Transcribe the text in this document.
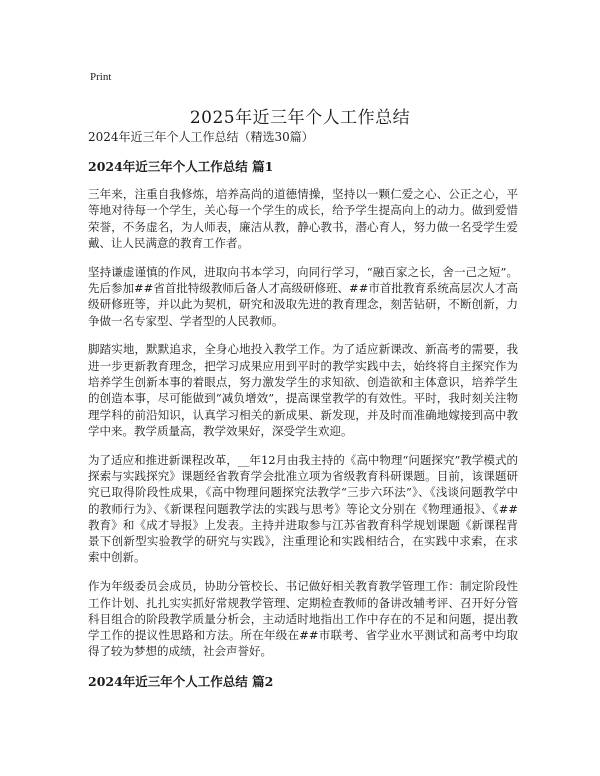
Print
2025年近三年个人工作总结
2024年近三年个人工作总结（精选30篇）
2024年近三年个人工作总结 篇1

三年来，注重自我修炼，培养高尚的道德情操，坚持以一颗仁爱之心、公正之心，平等地对待每一个学生，关心每一个学生的成长，给予学生提高向上的动力。做到爱惜荣誉，不务虚名，为人师表，廉洁从教，静心教书，潜心育人，努力做一名受学生爱戴、让人民满意的教育工作者。

坚持谦虚谨慎的作风，进取向书本学习，向同行学习，“融百家之长，舍一己之短”。先后参加##省首批特级教师后备人才高级研修班、##市首批教育系统高层次人才高级研修班等，并以此为契机，研究和汲取先进的教育理念，刻苦钻研，不断创新，力争做一名专家型、学者型的人民教师。

脚踏实地，默默追求，全身心地投入教学工作。为了适应新课改、新高考的需要，我进一步更新教育理念，把学习成果应用到平时的教学实践中去，始终将自主探究作为培养学生创新本事的着眼点，努力激发学生的求知欲、创造欲和主体意识，培养学生的创造本事，尽可能做到“减负增效”，提高课堂教学的有效性。平时，我时刻关注物理学科的前沿知识，认真学习相关的新成果、新发现，并及时而准确地嫁接到高中教学中来。教学质量高，教学效果好，深受学生欢迎。

为了适应和推进新课程改革，__年12月由我主持的《高中物理“问题探究”教学模式的探索与实践探究》课题经省教育学会批准立项为省级教育科研课题。目前，该课题研究已取得阶段性成果，《高中物理问题探究法教学“三步六环法”》、《浅谈问题教学中的教师行为》、《新课程问题教学法的实践与思考》等论文分别在《物理通报》、《##教育》和《成才导报》上发表。主持并进取参与江苏省教育科学规划课题《新课程背景下创新型实验教学的研究与实践》，注重理论和实践相结合，在实践中求索，在求索中创新。

作为年级委员会成员，协助分管校长、书记做好相关教育教学管理工作：制定阶段性工作计划、扎扎实实抓好常规教学管理、定期检查教师的备讲改辅考评、召开好分管科目组合的阶段教学质量分析会，主动适时地指出工作中存在的不足和问题，提出教学工作的提议性思路和方法。所在年级在##市联考、省学业水平测试和高考中均取得了较为梦想的成绩，社会声誉好。

2024年近三年个人工作总结 篇2
